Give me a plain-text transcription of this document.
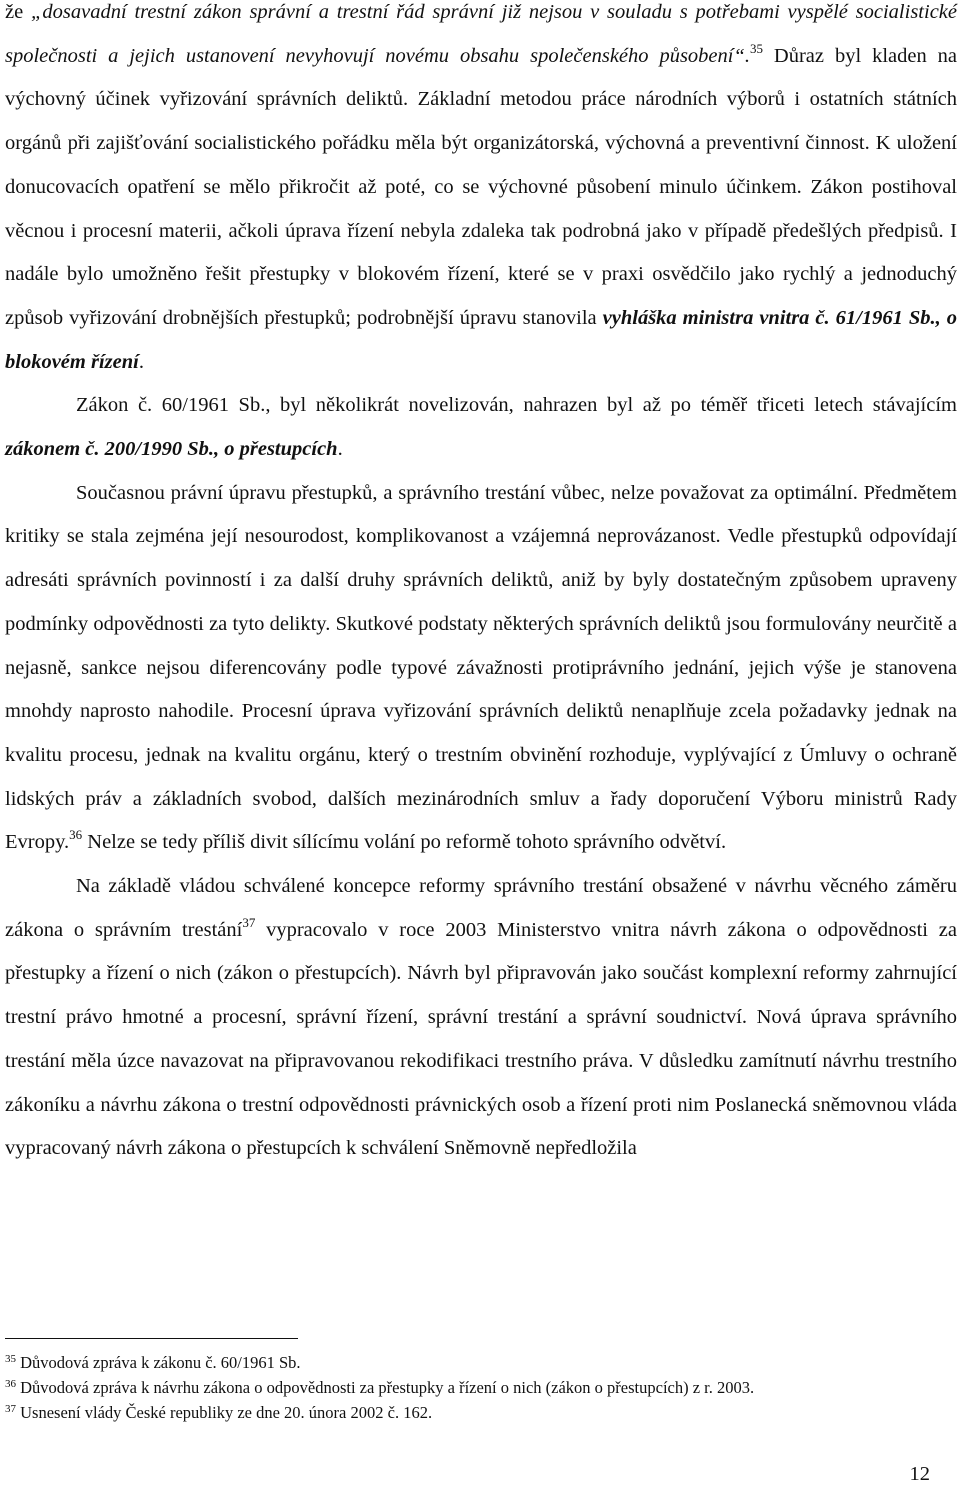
že „dosavadní trestní zákon správní a trestní řád správní již nejsou v souladu s potřebami vyspělé socialistické společnosti a jejich ustanovení nevyhovují novému obsahu společenského působení“.$^{35}$ Důraz byl kladen na výchovný účinek vyřizování správních deliktů. Základní metodou práce národních výborů i ostatních státních orgánů při zajišťování socialistického pořádku měla být organizátorská, výchovná a preventivní činnost. K uložení donucovacích opatření se mělo přikročit až poté, co se výchovné působení minulo účinkem. Zákon postihoval věcnou i procesní materii, ačkoli úprava řízení nebyla zdaleka tak podrobná jako v případě předešlých předpisů. I nadále bylo umožněno řešit přestupky v blokovém řízení, které se v praxi osvědčilo jako rychlý a jednoduchý způsob vyřizování drobnějších přestupků; podrobnější úpravu stanovila vyhláška ministra vnitra č. 61/1961 Sb., o blokovém řízení.

Zákon č. 60/1961 Sb., byl několikrát novelizován, nahrazen byl až po téměř třiceti letech stávajícím zákonem č. 200/1990 Sb., o přestupcích.

Současnou právní úpravu přestupků, a správního trestání vůbec, nelze považovat za optimální. Předmětem kritiky se stala zejména její nesourodost, komplikovanost a vzájemná neprovázanost. Vedle přestupků odpovídají adresáti správních povinností i za další druhy správních deliktů, aniž by byly dostatečným způsobem upraveny podmínky odpovědnosti za tyto delikty. Skutkové podstaty některých správních deliktů jsou formulovány neurčitě a nejasně, sankce nejsou diferencovány podle typové závažnosti protiprávního jednání, jejich výše je stanovena mnohdy naprosto nahodile. Procesní úprava vyřizování správních deliktů nenaplňuje zcela požadavky jednak na kvalitu procesu, jednak na kvalitu orgánu, který o trestním obvinění rozhoduje, vyplývající z Úmluvy o ochraně lidských práv a základních svobod, dalších mezinárodních smluv a řady doporučení Výboru ministrů Rady Evropy.$^{36}$ Nelze se tedy příliš divit sílícímu volání po reformě tohoto správního odvětví.

Na základě vládou schválené koncepce reformy správního trestání obsažené v návrhu věcného záměru zákona o správním trestání$^{37}$ vypracovalo v roce 2003 Ministerstvo vnitra návrh zákona o odpovědnosti za přestupky a řízení o nich (zákon o přestupcích). Návrh byl připravován jako součást komplexní reformy zahrnující trestní právo hmotné a procesní, správní řízení, správní trestání a správní soudnictví. Nová úprava správního trestání měla úzce navazovat na připravovanou rekodifikaci trestního práva. V důsledku zamítnutí návrhu trestního zákoníku a návrhu zákona o trestní odpovědnosti právnických osob a řízení proti nim Poslanecká sněmovnou vláda vypracovaný návrh zákona o přestupcích k schválení Sněmovně nepředložila

$^{35}$ Důvodová zpráva k zákonu č. 60/1961 Sb.
$^{36}$ Důvodová zpráva k návrhu zákona o odpovědnosti za přestupky a řízení o nich (zákon o přestupcích) z r. 2003.
$^{37}$ Usnesení vlády České republiky ze dne 20. února 2002 č. 162.
12
